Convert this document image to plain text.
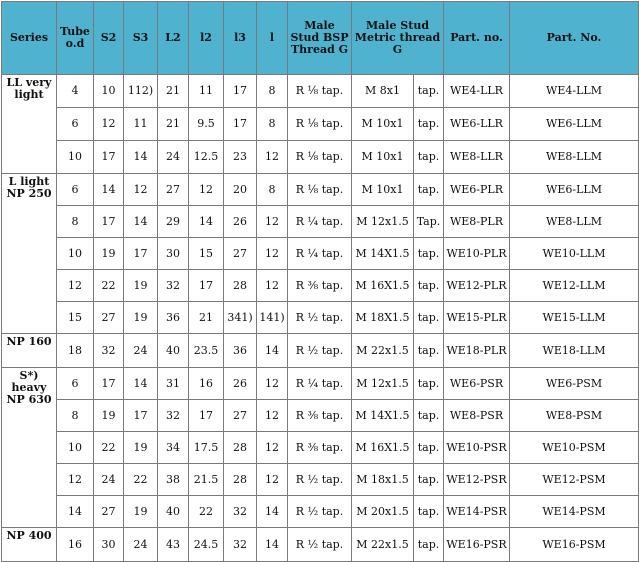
Series	Tube o.d	S2	S3	L2	l2	l3	l	Male Stud BSP Thread G	Male Stud Metric thread G		Part. no.	Part. No.
LL very light	4	10	112)	21	11	17	8	R ⅛ tap.	M 8x1	tap.	WE4-LLR	WE4-LLM
	6	12	11	21	9.5	17	8	R ⅛ tap.	M 10x1	tap.	WE6-LLR	WE6-LLM
	10	17	14	24	12.5	23	12	R ⅛ tap.	M 10x1	tap.	WE8-LLR	WE8-LLM
L light NP 250	6	14	12	27	12	20	8	R ⅛ tap.	M 10x1	tap.	WE6-PLR	WE6-LLM
	8	17	14	29	14	26	12	R ¼ tap.	M 12x1.5	Tap.	WE8-PLR	WE8-LLM
	10	19	17	30	15	27	12	R ¼ tap.	M 14X1.5	tap.	WE10-PLR	WE10-LLM
	12	22	19	32	17	28	12	R ⅜ tap.	M 16X1.5	tap.	WE12-PLR	WE12-LLM
	15	27	19	36	21	341)	141)	R ½ tap.	M 18X1.5	tap.	WE15-PLR	WE15-LLM
NP 160	18	32	24	40	23.5	36	14	R ½ tap.	M 22x1.5	tap.	WE18-PLR	WE18-LLM
S*) heavy NP 630	6	17	14	31	16	26	12	R ¼ tap.	M 12x1.5	tap.	WE6-PSR	WE6-PSM
	8	19	17	32	17	27	12	R ⅜ tap.	M 14X1.5	tap.	WE8-PSR	WE8-PSM
	10	22	19	34	17.5	28	12	R ⅜ tap.	M 16X1.5	tap.	WE10-PSR	WE10-PSM
	12	24	22	38	21.5	28	12	R ½ tap.	M 18x1.5	tap.	WE12-PSR	WE12-PSM
	14	27	19	40	22	32	14	R ½ tap.	M 20x1.5	tap.	WE14-PSR	WE14-PSM
NP 400	16	30	24	43	24.5	32	14	R ½ tap.	M 22x1.5	tap.	WE16-PSR	WE16-PSM
